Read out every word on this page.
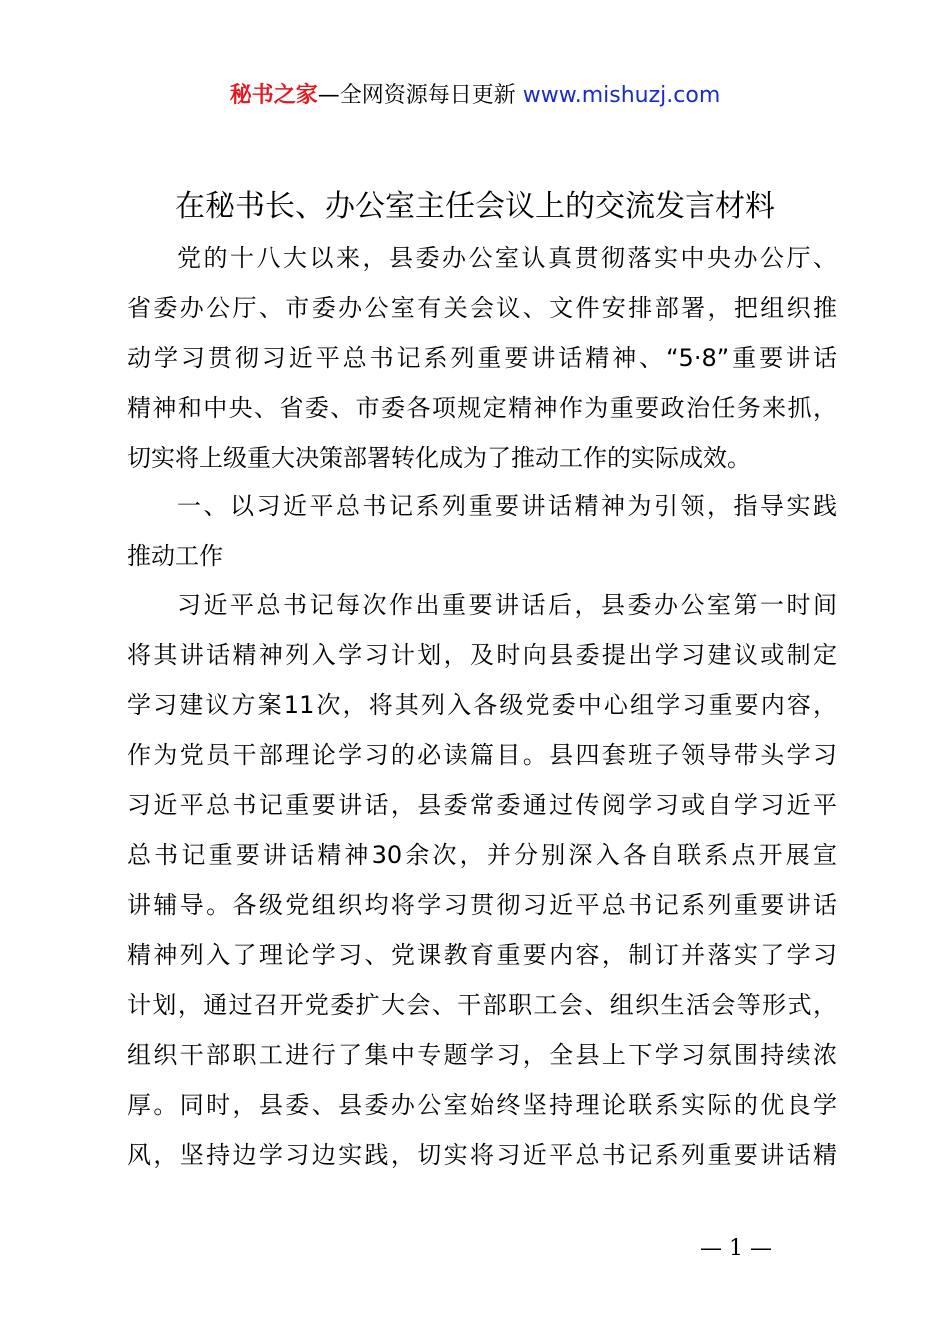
秘书之家—全网资源每日更新 www.mishuzj.com
在秘书长、办公室主任会议上的交流发言材料
党的十八大以来，县委办公室认真贯彻落实中央办公厅、
省委办公厅、市委办公室有关会议、文件安排部署，把组织推
动学习贯彻习近平总书记系列重要讲话精神、“5·8”重要讲话
精神和中央、省委、市委各项规定精神作为重要政治任务来抓，
切实将上级重大决策部署转化成为了推动工作的实际成效。
一、以习近平总书记系列重要讲话精神为引领，指导实践
推动工作
习近平总书记每次作出重要讲话后，县委办公室第一时间
将其讲话精神列入学习计划，及时向县委提出学习建议或制定
学习建议方案11次，将其列入各级党委中心组学习重要内容，
作为党员干部理论学习的必读篇目。县四套班子领导带头学习
习近平总书记重要讲话，县委常委通过传阅学习或自学习近平
总书记重要讲话精神30余次，并分别深入各自联系点开展宣
讲辅导。各级党组织均将学习贯彻习近平总书记系列重要讲话
精神列入了理论学习、党课教育重要内容，制订并落实了学习
计划，通过召开党委扩大会、干部职工会、组织生活会等形式，
组织干部职工进行了集中专题学习，全县上下学习氛围持续浓
厚。同时，县委、县委办公室始终坚持理论联系实际的优良学
风，坚持边学习边实践，切实将习近平总书记系列重要讲话精
— 1 —
